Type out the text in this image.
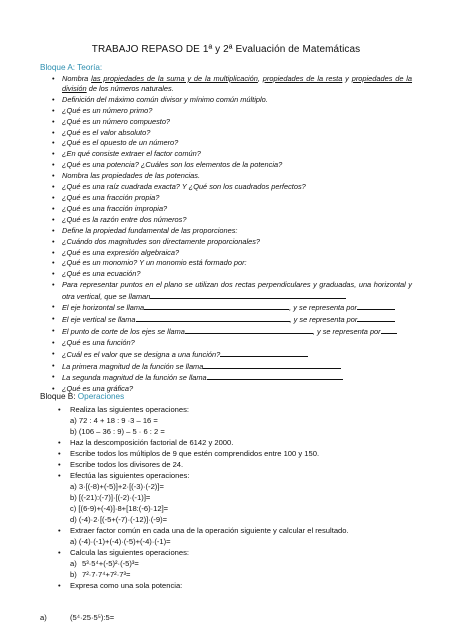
TRABAJO REPASO DE 1ª y 2ª Evaluación de Matemáticas
Bloque A: Teoría:
• Nombra las propiedades de la suma y de la multiplicación, propiedades de la resta y propiedades de la división de los números naturales.
• Definición del máximo común divisor y mínimo común múltiplo.
• ¿Qué es un número primo?
• ¿Qué es un número compuesto?
• ¿Qué es el valor absoluto?
• ¿Qué es el opuesto de un número?
• ¿En qué consiste extraer el factor común?
• ¿Qué es una potencia? ¿Cuáles son los elementos de la potencia?
• Nombra las propiedades de las potencias.
• ¿Qué es una raíz cuadrada exacta? Y ¿Qué son los cuadrados perfectos?
• ¿Qué es una fracción propia?
• ¿Qué es una fracción impropia?
• ¿Qué es la razón entre dos números?
• Define la propiedad fundamental de las proporciones:
• ¿Cuándo dos magnitudes son directamente proporcionales?
• ¿Qué es una expresión algebraica?
• ¿Qué es un monomio? Y un monomio está formado por:
• ¿Qué es una ecuación?
• Para representar puntos en el plano se utilizan dos rectas perpendiculares y graduadas, una horizontal y otra vertical, que se llaman
• El eje horizontal se llama	, y se representa por
• El eje vertical se llama	, y se representa por
• El punto de corte de los ejes se llama	, y se representa por
• ¿Qué es una función?
• ¿Cuál es el valor que se designa a una función?
• La primera magnitud de la función se llama
• La segunda magnitud de la función se llama
• ¿Qué es una gráfica?
Bloque B: Operaciones
• Realiza las siguientes operaciones:
a) 72 : 4 + 18 : 9 ·3 – 16 =
b) (106 – 36 : 9) – 5 · 6 : 2 =
• Haz la descomposición factorial de 6142 y 2000.
• Escribe todos los múltiplos de 9 que estén comprendidos entre 100 y 150.
• Escribe todos los divisores de 24.
• Efectúa las siguientes operaciones:
a) 3·[(-8)+(-5)]+2·[(-3)·(-2)]=
b) [(-21):(-7)]·[(-2)·(-1)]=
c) [(6-9)+(-4)]·8+[18:(-6)·12]=
d) (-4)·2·[(-5+(-7)·(-12)]·(-9)=
• Extraer factor común en cada una de la operación siguiente y calcular el resultado.
a) (-4)·(-1)+(-4)·(-5)+(-4)·(-1)=
• Calcula las siguientes operaciones:
a) 5³·5⁴+(-5)²·(-5)³=
b) 7²·7·7⁴+7²·7³=
• Expresa como una sola potencia:
a)	(5⁴·25·5⁵):5=
